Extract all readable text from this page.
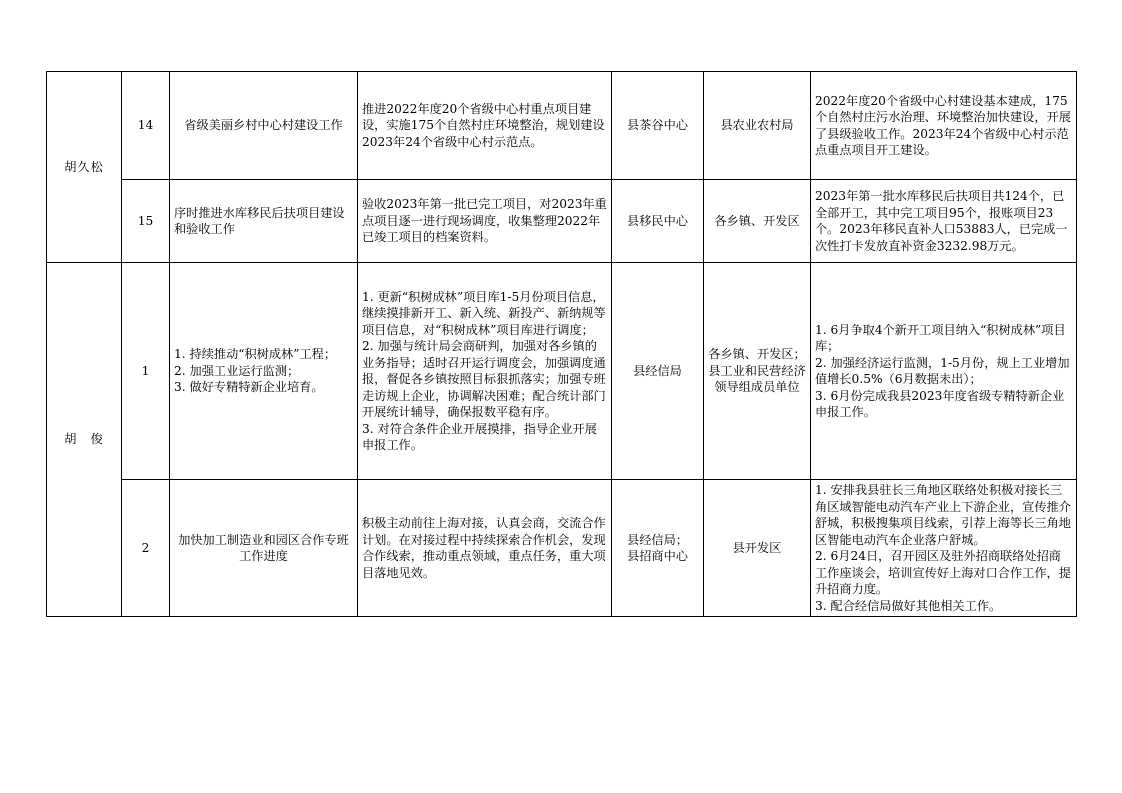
胡久松	14	省级美丽乡村中心村建设工作	推进2022年度20个省级中心村重点项目建设，实施175个自然村庄环境整治，规划建设2023年24个省级中心村示范点。	县茶谷中心	县农业农村局	2022年度20个省级中心村建设基本建成，175个自然村庄污水治理、环境整治加快建设，开展了县级验收工作。2023年24个省级中心村示范点重点项目开工建设。

	15	序时推进水库移民后扶项目建设和验收工作	验收2023年第一批已完工项目，对2023年重点项目逐一进行现场调度，收集整理2022年已竣工项目的档案资料。	县移民中心	各乡镇、开发区	2023年第一批水库移民后扶项目共124个，已全部开工，其中完工项目95个，报账项目23个。2023年移民直补人口53883人，已完成一次性打卡发放直补资金3232.98万元。

胡　俊	1	1. 持续推动“积树成林”工程；
2. 加强工业运行监测；
3. 做好专精特新企业培育。	1. 更新“积树成林”项目库1-5月份项目信息，继续摸排新开工、新入统、新投产、新纳规等项目信息，对“积树成林”项目库进行调度；
2. 加强与统计局会商研判，加强对各乡镇的业务指导；适时召开运行调度会，加强调度通报，督促各乡镇按照目标狠抓落实；加强专班走访规上企业，协调解决困难；配合统计部门开展统计辅导，确保报数平稳有序。
3. 对符合条件企业开展摸排，指导企业开展申报工作。	县经信局	各乡镇、开发区；
县工业和民营经济领导组成员单位	1. 6月争取4个新开工项目纳入“积树成林”项目库；
2. 加强经济运行监测，1-5月份，规上工业增加值增长0.5%（6月数据未出）；
3. 6月份完成我县2023年度省级专精特新企业申报工作。

	2	加快加工制造业和园区合作专班工作进度	积极主动前往上海对接，认真会商，交流合作计划。在对接过程中持续探索合作机会，发现合作线索，推动重点领域，重点任务，重大项目落地见效。	县经信局；
县招商中心	县开发区	1. 安排我县驻长三角地区联络处积极对接长三角区域智能电动汽车产业上下游企业，宣传推介舒城，积极搜集项目线索，引荐上海等长三角地区智能电动汽车企业落户舒城。
2. 6月24日，召开园区及驻外招商联络处招商工作座谈会，培训宣传好上海对口合作工作，提升招商力度。
3. 配合经信局做好其他相关工作。
